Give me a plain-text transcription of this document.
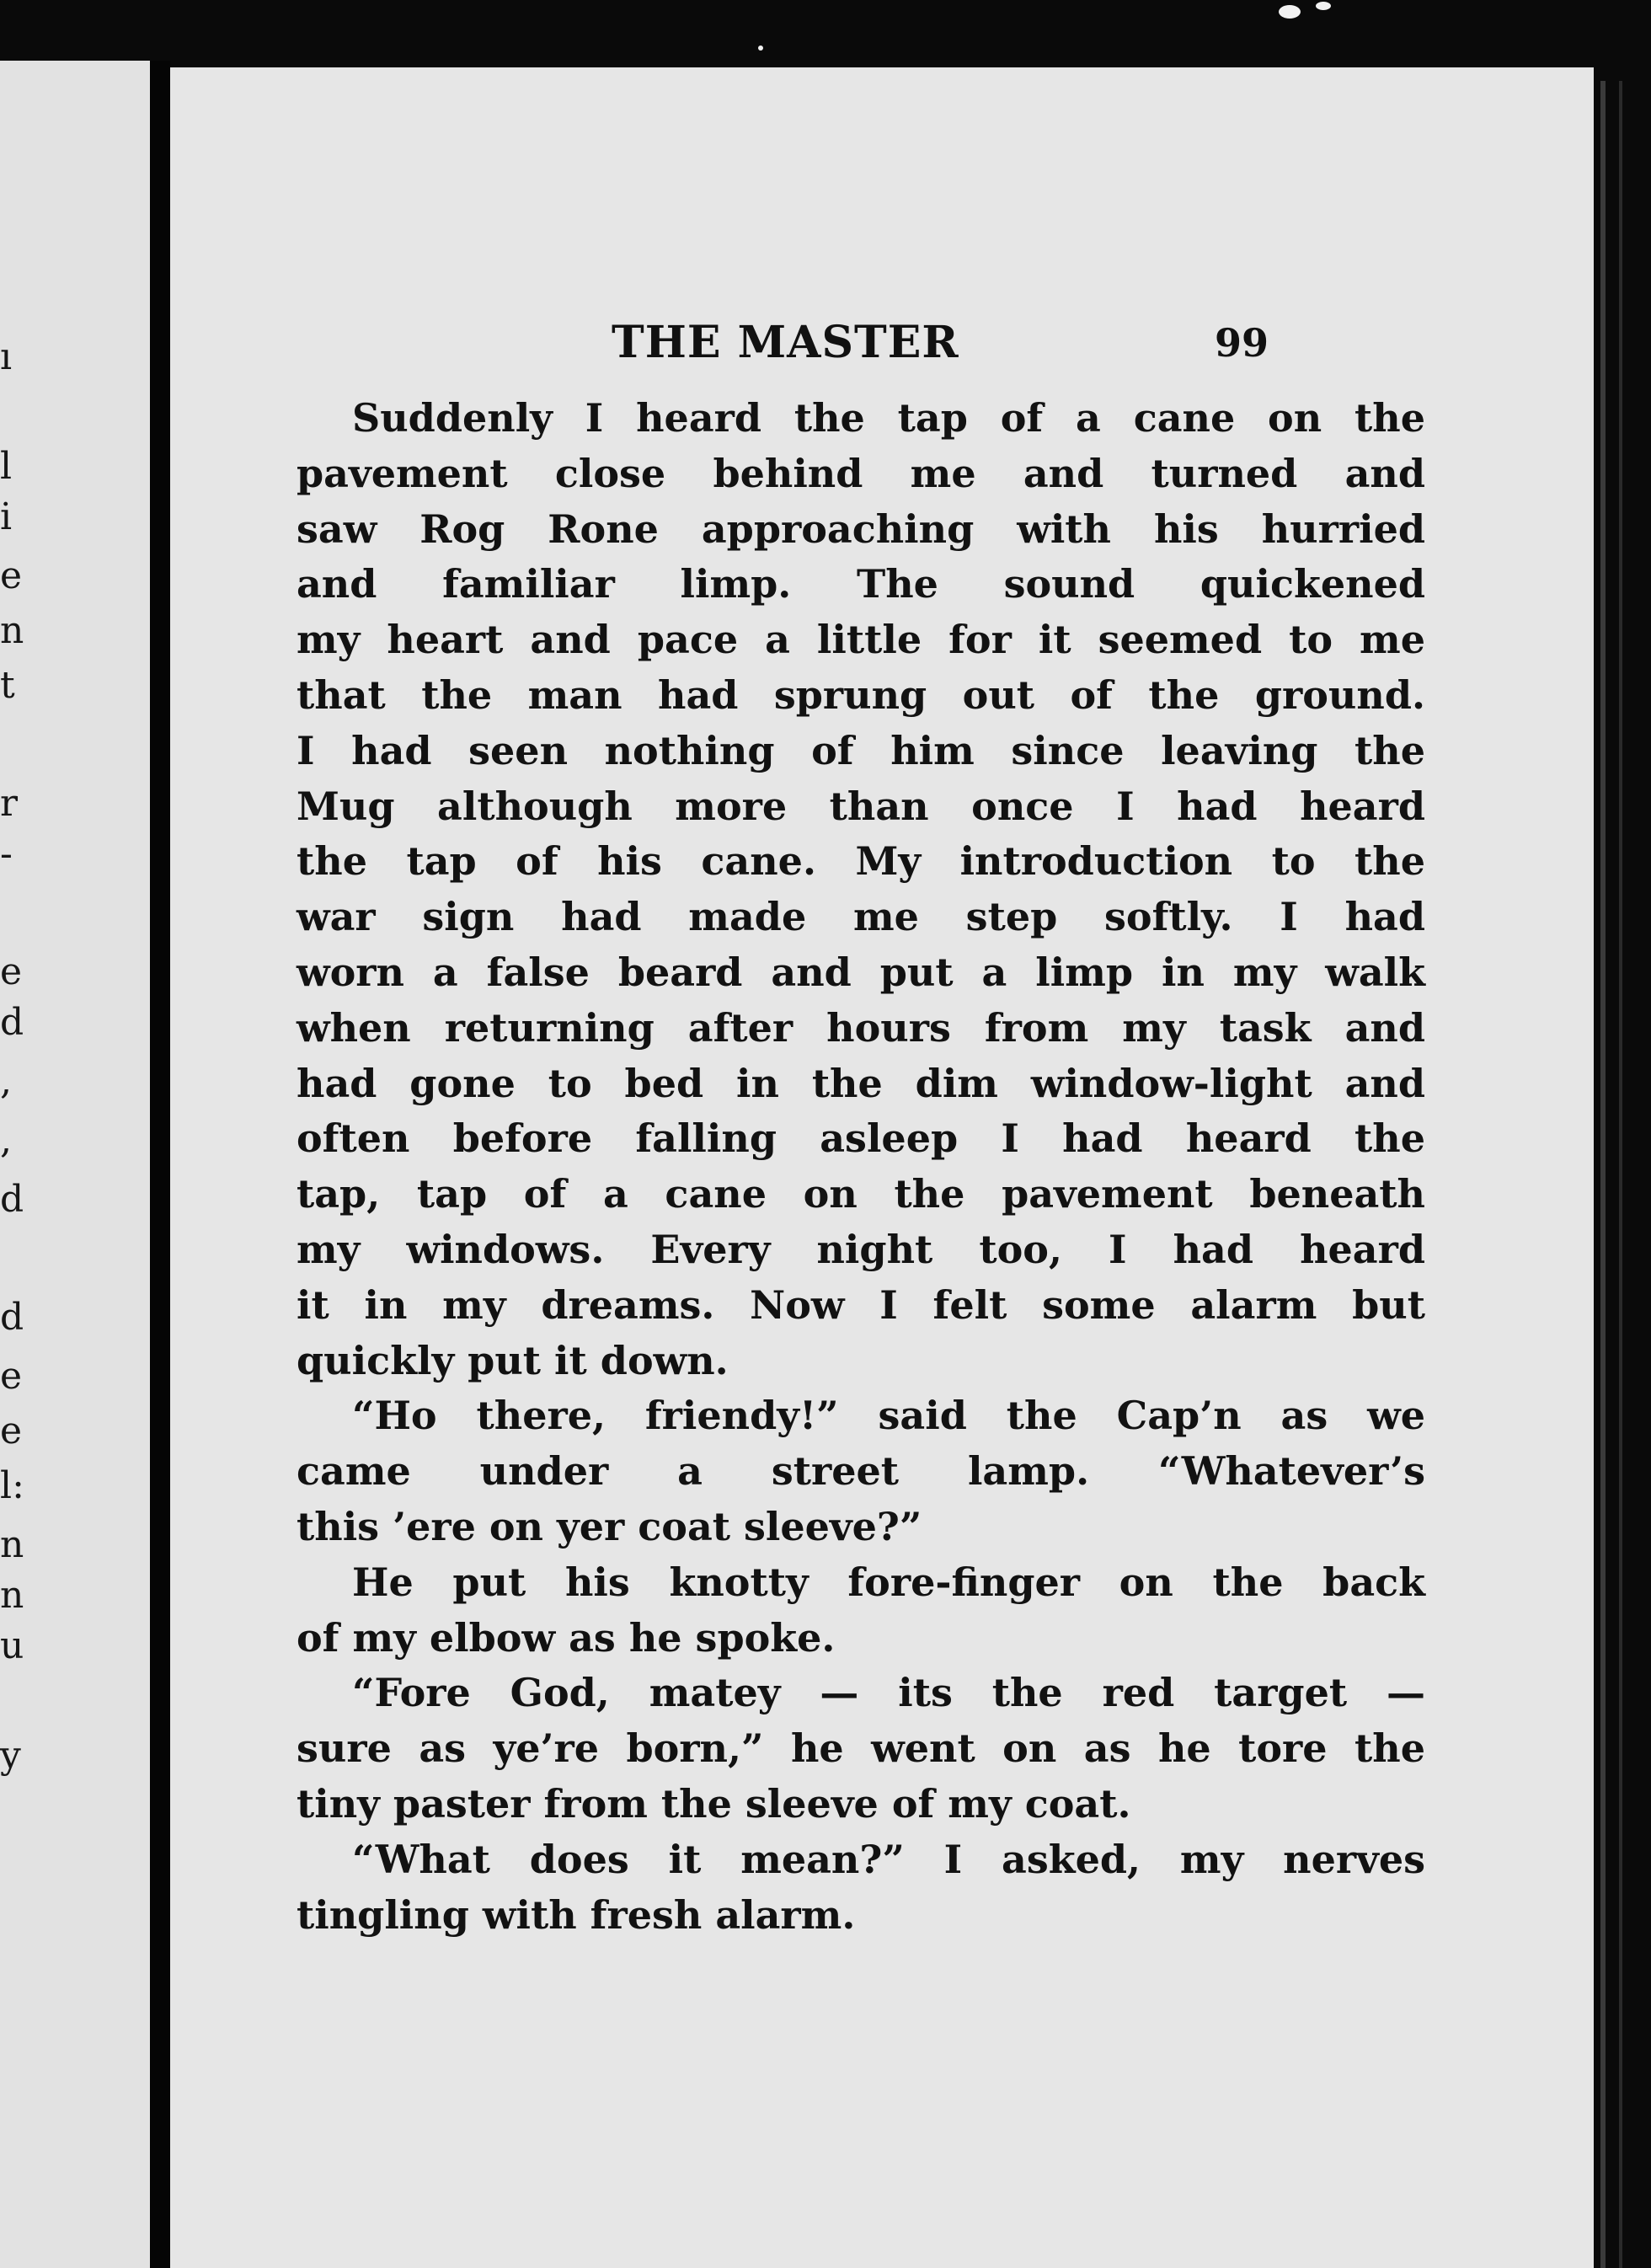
ı
l
i
e
n
t
r
-
e
d
,
,
d
d
e
e
l:
n
n
u
y
THE MASTER	99
Suddenly I heard the tap of a cane on the
pavement close behind me and turned and
saw Rog Rone approaching with his hurried
and familiar limp. The sound quickened
my heart and pace a little for it seemed to me
that the man had sprung out of the ground.
I had seen nothing of him since leaving the
Mug although more than once I had heard
the tap of his cane. My introduction to the
war sign had made me step softly. I had
worn a false beard and put a limp in my walk
when returning after hours from my task and
had gone to bed in the dim window-light and
often before falling asleep I had heard the
tap, tap of a cane on the pavement beneath
my windows. Every night too, I had heard
it in my dreams. Now I felt some alarm but
quickly put it down.
“Ho there, friendy!” said the Cap’n as we
came under a street lamp. “Whatever’s
this ’ere on yer coat sleeve?”
He put his knotty fore-finger on the back
of my elbow as he spoke.
“Fore God, matey — its the red target —
sure as ye’re born,” he went on as he tore the
tiny paster from the sleeve of my coat.
“What does it mean?” I asked, my nerves
tingling with fresh alarm.
